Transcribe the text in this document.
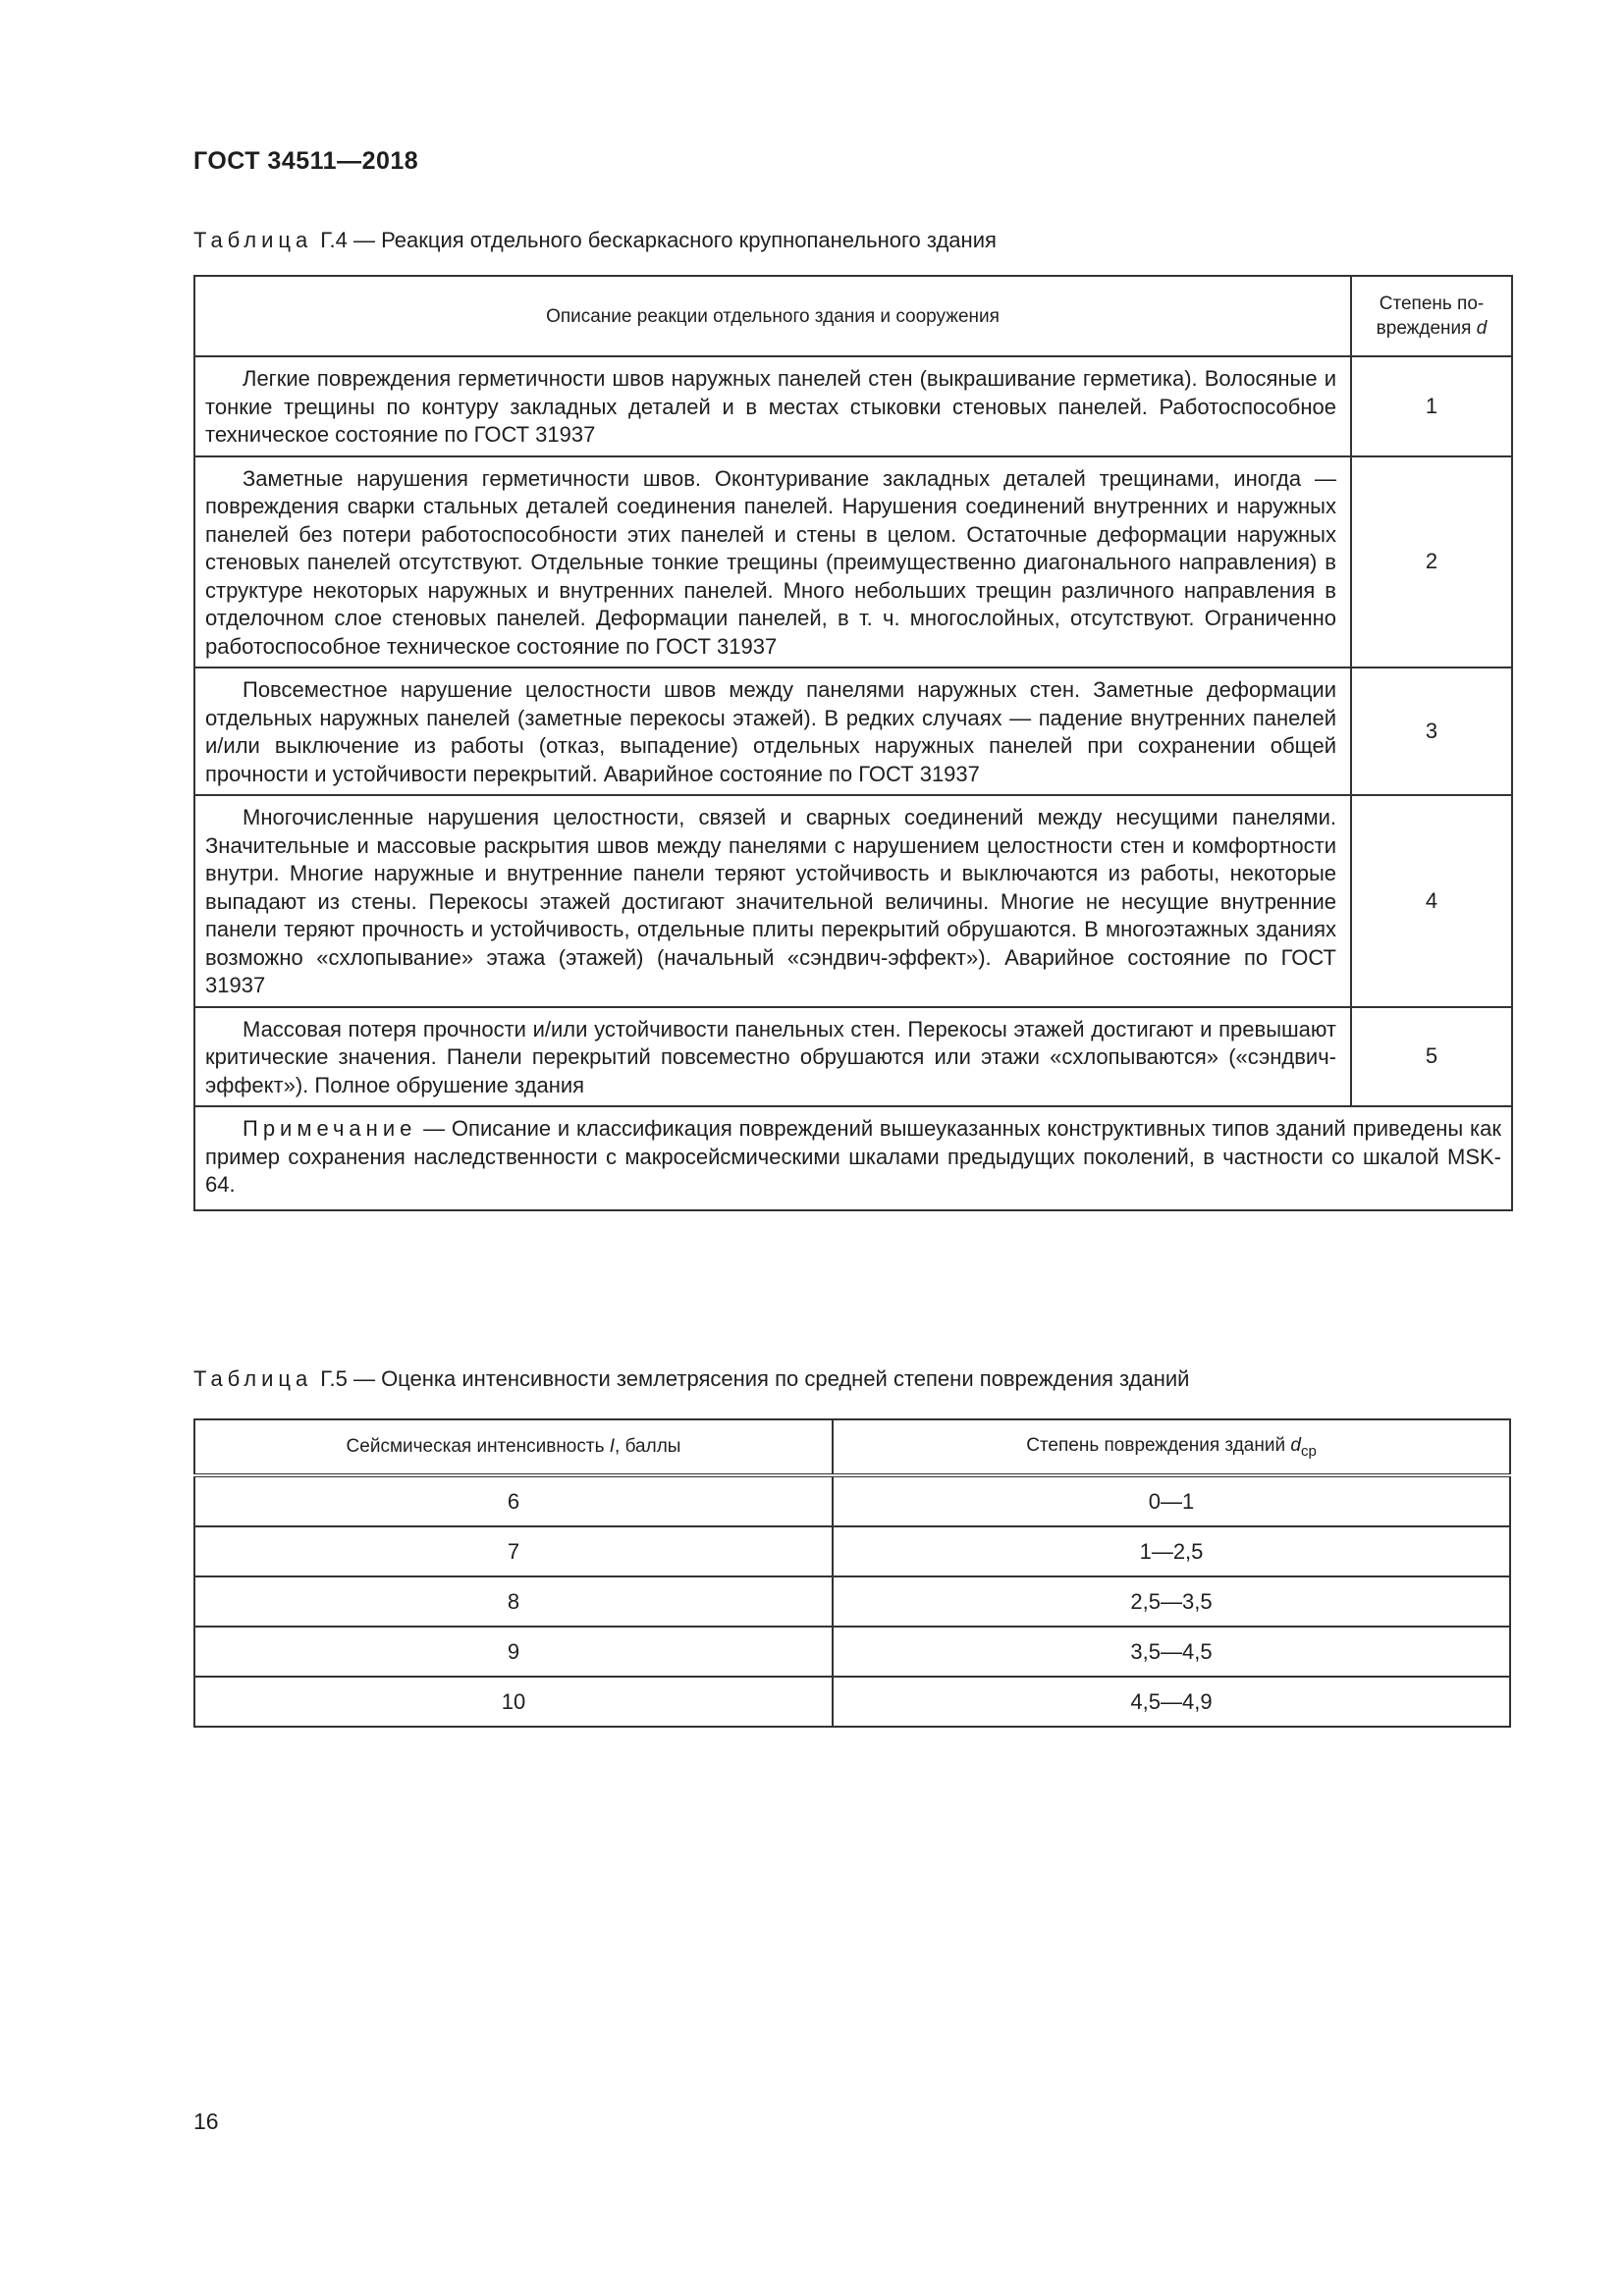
ГОСТ 34511—2018
Таблица Г.4 — Реакция отдельного бескаркасного крупнопанельного здания
Описание реакции отдельного здания и сооружения	Степень по-
вреждения d
Легкие повреждения герметичности швов наружных панелей стен (выкрашивание герметика). Волосяные и тонкие трещины по контуру закладных деталей и в местах стыковки стеновых панелей. Работоспособное техническое состояние по ГОСТ 31937	1
Заметные нарушения герметичности швов. Оконтуривание закладных деталей трещинами, иногда — повреждения сварки стальных деталей соединения панелей. Нарушения соединений внутренних и наружных панелей без потери работоспособности этих панелей и стены в целом. Остаточные деформации наружных стеновых панелей отсутствуют. Отдельные тонкие трещины (преимущественно диагонального направления) в структуре некоторых наружных и внутренних панелей. Много небольших трещин различного направления в отделочном слое стеновых панелей. Деформации панелей, в т. ч. многослойных, отсутствуют. Ограниченно работоспособное техническое состояние по ГОСТ 31937	2
Повсеместное нарушение целостности швов между панелями наружных стен. Заметные деформации отдельных наружных панелей (заметные перекосы этажей). В редких случаях — падение внутренних панелей и/или выключение из работы (отказ, выпадение) отдельных наружных панелей при сохранении общей прочности и устойчивости перекрытий. Аварийное состояние по ГОСТ 31937	3
Многочисленные нарушения целостности, связей и сварных соединений между несущими панелями. Значительные и массовые раскрытия швов между панелями с нарушением целостности стен и комфортности внутри. Многие наружные и внутренние панели теряют устойчивость и выключаются из работы, некоторые выпадают из стены. Перекосы этажей достигают значительной величины. Многие не несущие внутренние панели теряют прочность и устойчивость, отдельные плиты перекрытий обрушаются. В многоэтажных зданиях возможно «схлопывание» этажа (этажей) (начальный «сэндвич-эффект»). Аварийное состояние по ГОСТ 31937	4
Массовая потеря прочности и/или устойчивости панельных стен. Перекосы этажей достигают и превышают критические значения. Панели перекрытий повсеместно обрушаются или этажи «схлопываются» («сэндвич-эффект»). Полное обрушение здания	5
Примечание — Описание и классификация повреждений вышеуказанных конструктивных типов зданий приведены как пример сохранения наследственности с макросейсмическими шкалами предыдущих поколений, в частности со шкалой MSK-64.	
Таблица Г.5 — Оценка интенсивности землетрясения по средней степени повреждения зданий
Сейсмическая интенсивность I, баллы	Степень повреждения зданий $d_{ср}$
6	0—1
7	1—2,5
8	2,5—3,5
9	3,5—4,5
10	4,5—4,9
16
